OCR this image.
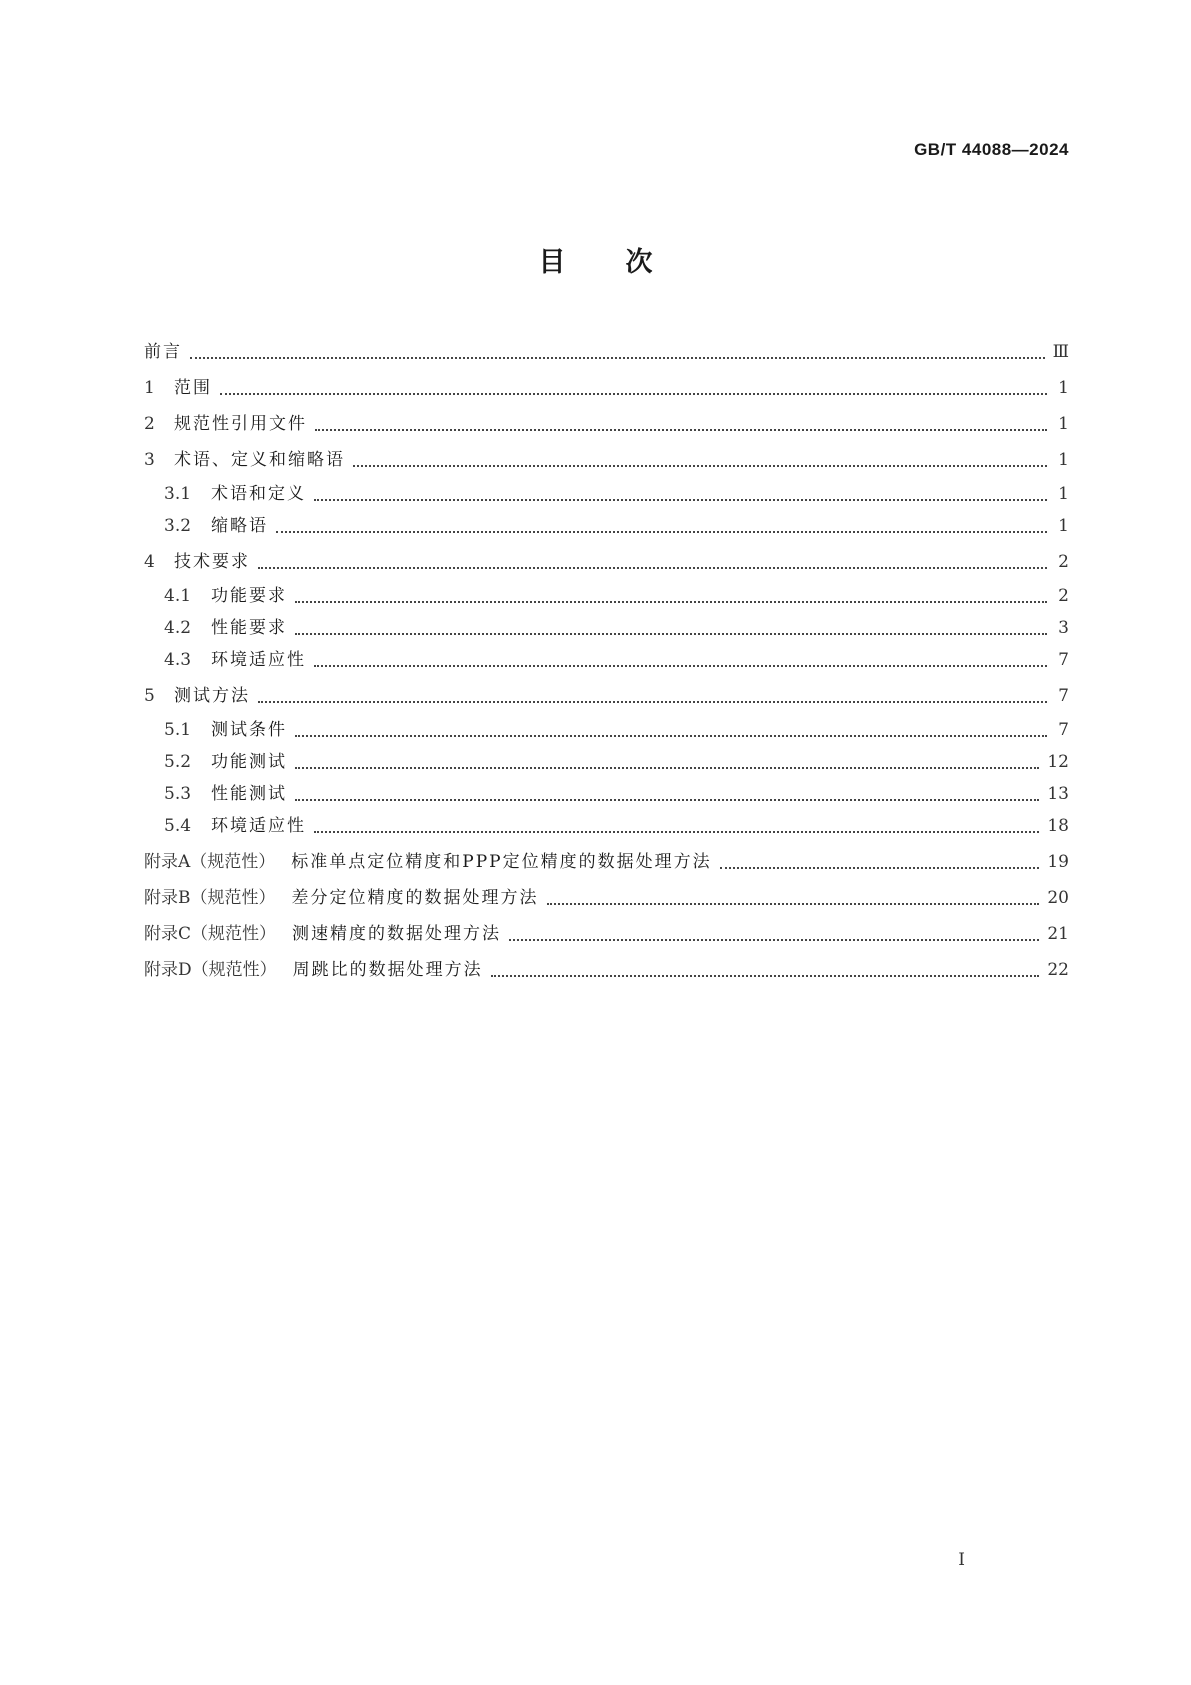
GB/T 44088—2024
目次
前言	Ⅲ
1	范围	1
2	规范性引用文件	1
3	术语、定义和缩略语	1
3.1	术语和定义	1
3.2	缩略语	1
4	技术要求	2
4.1	功能要求	2
4.2	性能要求	3
4.3	环境适应性	7
5	测试方法	7
5.1	测试条件	7
5.2	功能测试	12
5.3	性能测试	13
5.4	环境适应性	18
附录A（规范性） 标准单点定位精度和PPP定位精度的数据处理方法	19
附录B（规范性） 差分定位精度的数据处理方法	20
附录C（规范性） 测速精度的数据处理方法	21
附录D（规范性） 周跳比的数据处理方法	22
Ⅰ
